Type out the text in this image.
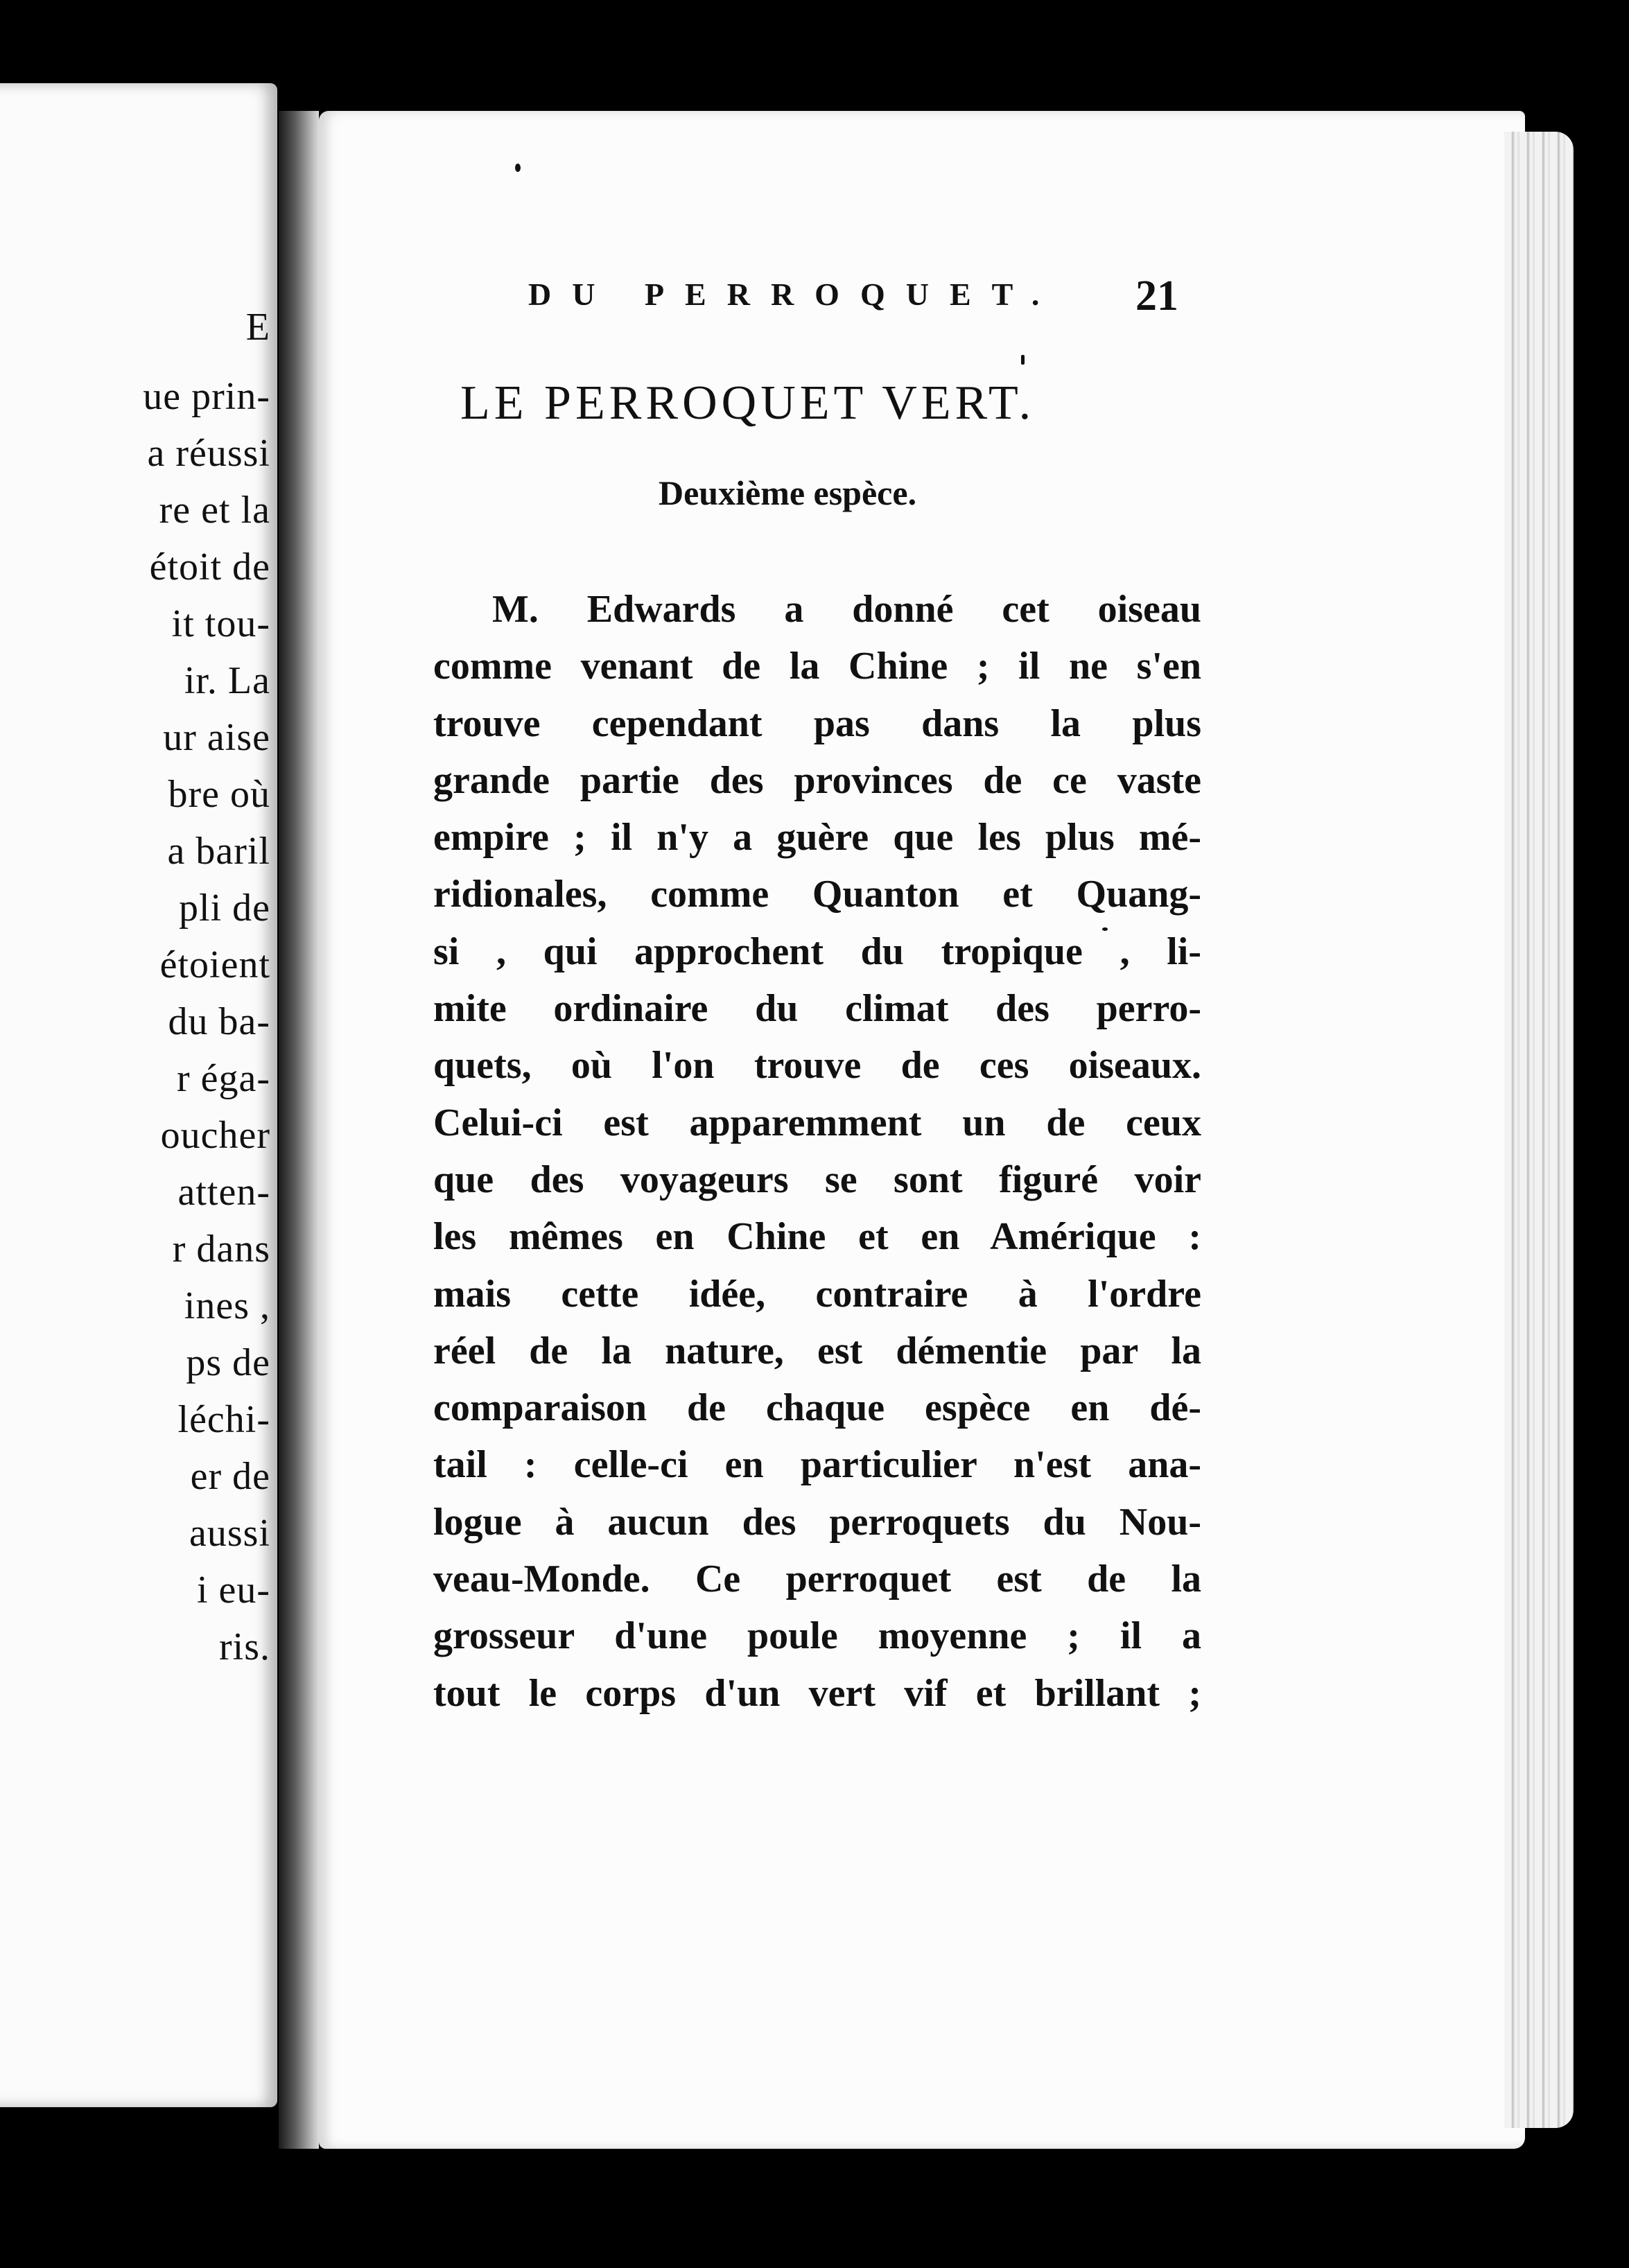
E
ue prin-
a réussi
re et la
étoit de
it tou-
ir. La
ur aise
bre où
a baril
pli de
étoient
du ba-
r éga-
oucher
atten-
r dans
ines ,
ps de
léchi-
er de
aussi
i eu-
ris.
DU PERROQUET. 21
LE PERROQUET VERT.
Deuxième espèce.
M. Edwards a donné cet oiseau
comme venant de la Chine ; il ne s'en
trouve cependant pas dans la plus
grande partie des provinces de ce vaste
empire ; il n'y a guère que les plus mé-
ridionales, comme Quanton et Quang-
si , qui approchent du tropique , li-
mite ordinaire du climat des perro-
quets, où l'on trouve de ces oiseaux.
Celui-ci est apparemment un de ceux
que des voyageurs se sont figuré voir
les mêmes en Chine et en Amérique :
mais cette idée, contraire à l'ordre
réel de la nature, est démentie par la
comparaison de chaque espèce en dé-
tail : celle-ci en particulier n'est ana-
logue à aucun des perroquets du Nou-
veau-Monde. Ce perroquet est de la
grosseur d'une poule moyenne ; il a
tout le corps d'un vert vif et brillant ;
